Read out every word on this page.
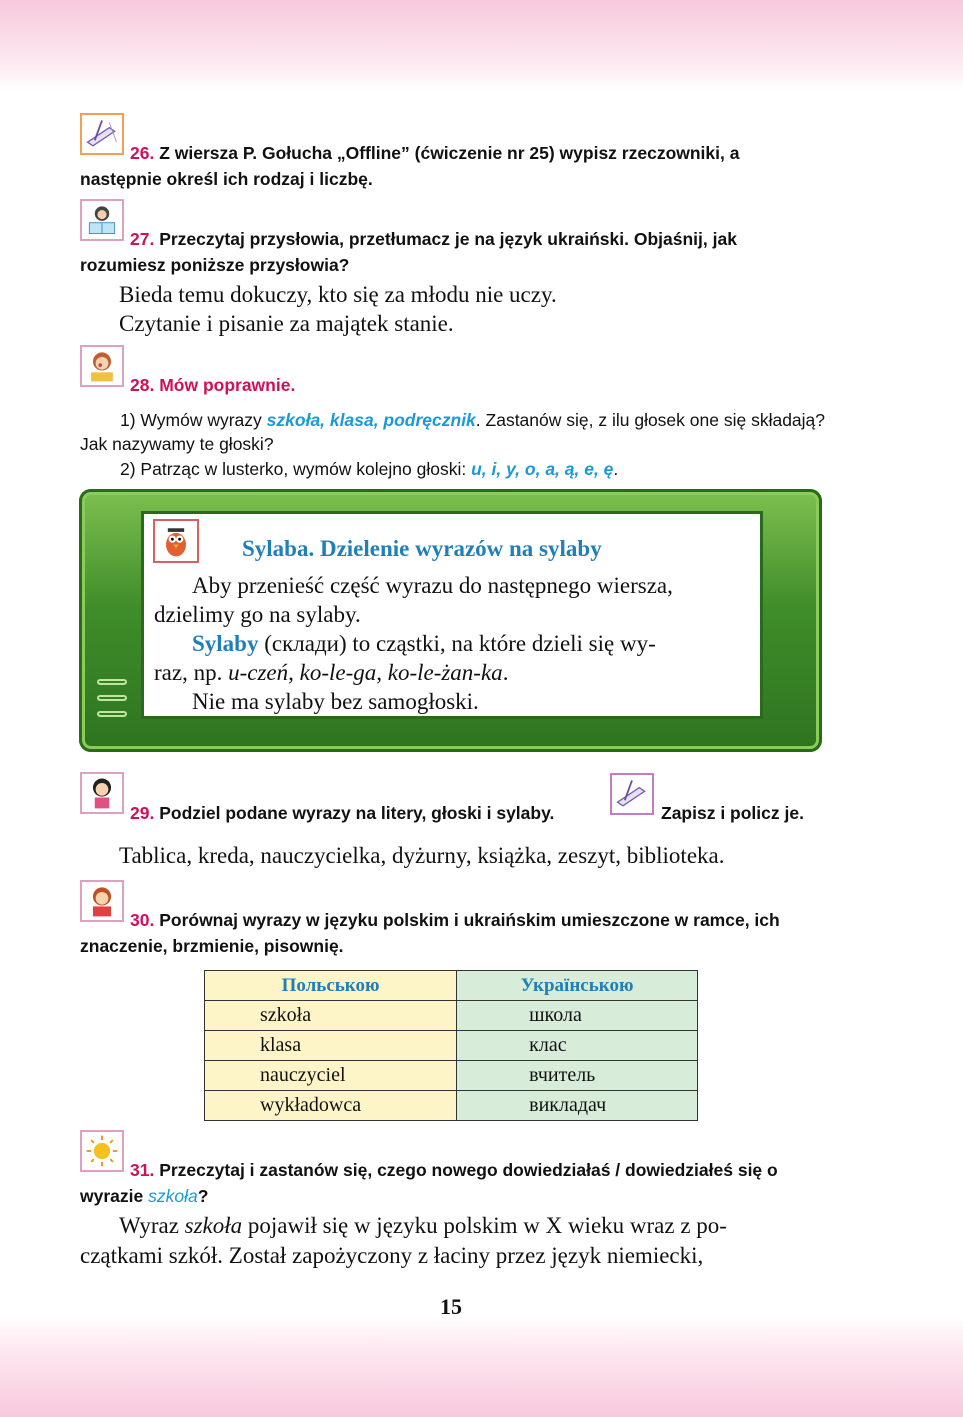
26. Z wiersza P. Gołucha „Offline” (ćwiczenie nr 25) wypisz rzeczowniki, a następnie określ ich rodzaj i liczbę.
27. Przeczytaj przysłowia, przetłumacz je na język ukraiński. Objaśnij, jak rozumiesz poniższe przysłowia?
Bieda temu dokuczy, kto się za młodu nie uczy.
Czytanie i pisanie za majątek stanie.
28. Mów poprawnie.
1) Wymów wyrazy szkoła, klasa, podręcznik. Zastanów się, z ilu głosek one się składają? Jak nazywamy te głoski?
2) Patrząc w lusterko, wymów kolejno głoski: u, i, y, o, a, ą, e, ę.
Sylaba. Dzielenie wyrazów na sylaby
Aby przenieść część wyrazu do następnego wiersza,
dzielimy go na sylaby.
Sylaby (склади) to cząstki, na które dzieli się wy-
raz, np. u-czeń, ko-le-ga, ko-le-żan-ka.
Nie ma sylaby bez samogłoski.
29. Podziel podane wyrazy na litery, głoski i sylaby.	Zapisz i policz je.
Tablica, kreda, nauczycielka, dyżurny, książka, zeszyt, biblioteka.
30. Porównaj wyrazy w języku polskim i ukraińskim umieszczone w ramce, ich znaczenie, brzmienie, pisownię.
Польською	Українською
szkoła	школа
klasa	клас
nauczyciel	вчитель
wykładowca	викладач
31. Przeczytaj i zastanów się, czego nowego dowiedziałaś / dowiedziałeś się o wyrazie szkoła?
Wyraz szkoła pojawił się w języku polskim w X wieku wraz z po-
czątkami szkół. Został zapożyczony z łaciny przez język niemiecki,
15
